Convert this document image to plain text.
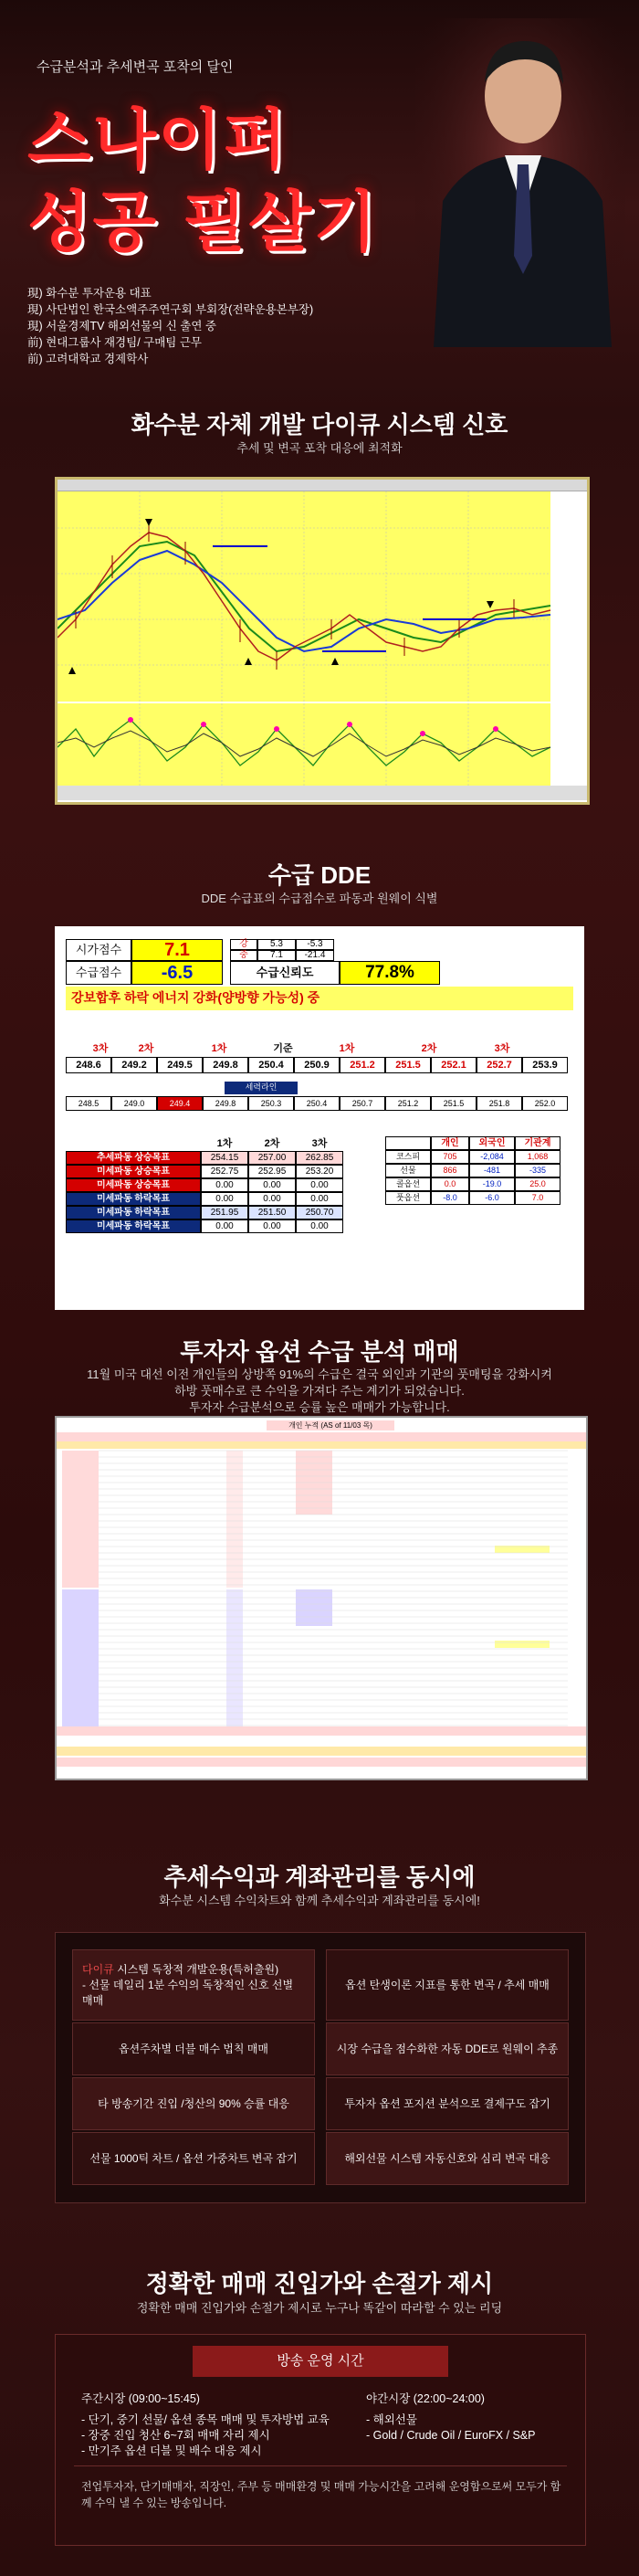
수급분석과 추세변곡 포착의 달인
스나이퍼
성공 필살기
現) 화수분 투자운용 대표
現) 사단법인 한국소액주주연구회 부회장(전략운용본부장)
現) 서울경제TV 해외선물의 신 출연 중
前) 현대그룹사 재경팀/ 구매팀 근무
前) 고려대학교 경제학사
화수분 자체 개발 다이큐 시스템 신호
추세 및 변곡 포착 대응에 최적화
수급 DDE
DDE 수급표의 수급점수로 파동과 원웨이 식별
시가점수	7.1	강	5.3	-5.3
중	7.1	-21.4
수급점수	-6.5	수급신뢰도	77.8%
강보합후 하락 에너지 강화(양방향 가능성) 중
세력라인
3차	2차	1차	기준	1차	2차	3차
248.6	249.2	249.5	249.8	250.4	250.9	251.2	251.5	252.1	252.7	253.9
248.5	249.0	249.4	249.8	250.3	250.4	250.7	251.2	251.5	251.8	252.0
1차	2차	3차
추세파동 상승목표	254.15	257.00	262.85
미세파동 상승목표	252.75	252.95	253.20
미세파동 상승목표	0.00	0.00	0.00
미세파동 하락목표	0.00	0.00	0.00
미세파동 하락목표	251.95	251.50	250.70
미세파동 하락목표	0.00	0.00	0.00
개인	외국인	기관계
코스피	705	-2,084	1,068
선물	866	-481	-335
콜옵션	0.0	-19.0	25.0
풋옵션	-8.0	-6.0	7.0
투자자 옵션 수급 분석 매매
11월 미국 대선 이전 개인들의 상방쪽 91%의 수급은 결국 외인과 기관의 풋매팅을 강화시켜
하방 풋매수로 큰 수익을 가져다 주는 계기가 되었습니다.
투자자 수급분석으로 승률 높은 매매가 가능합니다.
개인 누적 (AS of 11/03 목)
추세수익과 계좌관리를 동시에
화수분 시스템 수익차트와 함께 추세수익과 계좌관리를 동시에!
다이큐 시스템 독창적 개발운용(특허출원)
- 선물 데일리 1분 수익의 독창적인 신호 선별 매매
옵션 탄생이론 지표를 통한 변곡 / 추세 매매
옵션주차별 더블 매수 법칙 매매	시장 수급을 점수화한 자동 DDE로 원웨이 추종
타 방송기간 진입 /청산의 90% 승률 대응	투자자 옵션 포지션 분석으로 결제구도 잡기
선물 1000틱 차트 / 옵션 가중차트 변곡 잡기	해외선물 시스템 자동신호와 심리 변곡 대응
정확한 매매 진입가와 손절가 제시
정확한 매매 진입가와 손절가 제시로 누구나 똑같이 따라할 수 있는 리딩
방송 운영 시간
주간시장 (09:00~15:45)
- 단기, 중기 선물/ 옵션 종목 매매 및 투자방법 교육
- 장중 진입 청산 6~7회 매매 자리 제시
- 만기주 옵션 더블 및 배수 대응 제시
야간시장 (22:00~24:00)
- 해외선물
- Gold / Crude Oil / EuroFX / S&P
전업투자자, 단기매매자, 직장인, 주부 등 매매환경 및 매매 가능시간을 고려해 운영함으로써 모두가 함께 수익 낼 수 있는 방송입니다.
